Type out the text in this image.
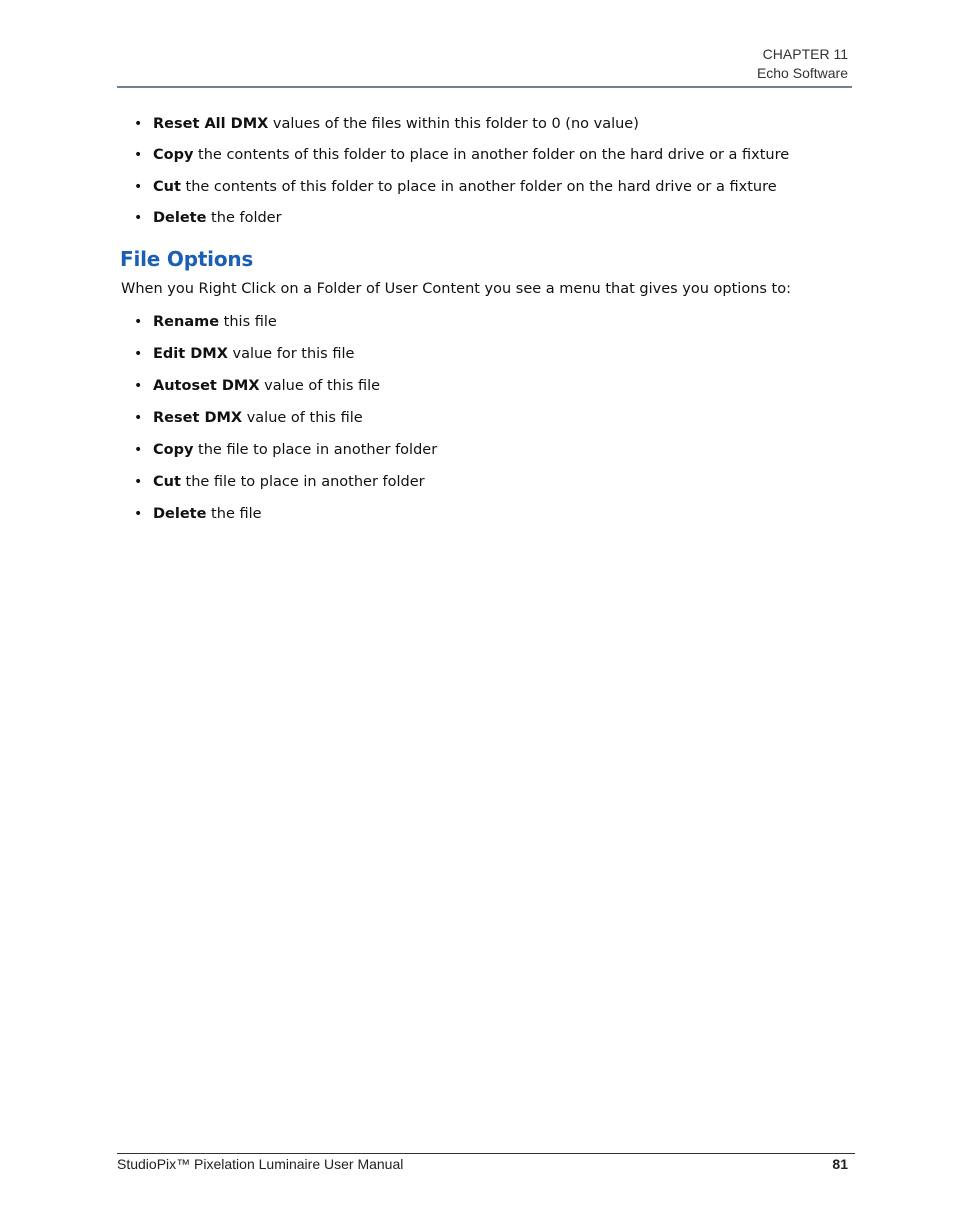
CHAPTER 11
Echo Software
• Reset All DMX values of the files within this folder to 0 (no value)
• Copy the contents of this folder to place in another folder on the hard drive or a fixture
• Cut the contents of this folder to place in another folder on the hard drive or a fixture
• Delete the folder
File Options

When you Right Click on a Folder of User Content you see a menu that gives you options to:

• Rename this file
• Edit DMX value for this file
• Autoset DMX value of this file
• Reset DMX value of this file
• Copy the file to place in another folder
• Cut the file to place in another folder
• Delete the file
StudioPix™ Pixelation Luminaire User Manual	81
